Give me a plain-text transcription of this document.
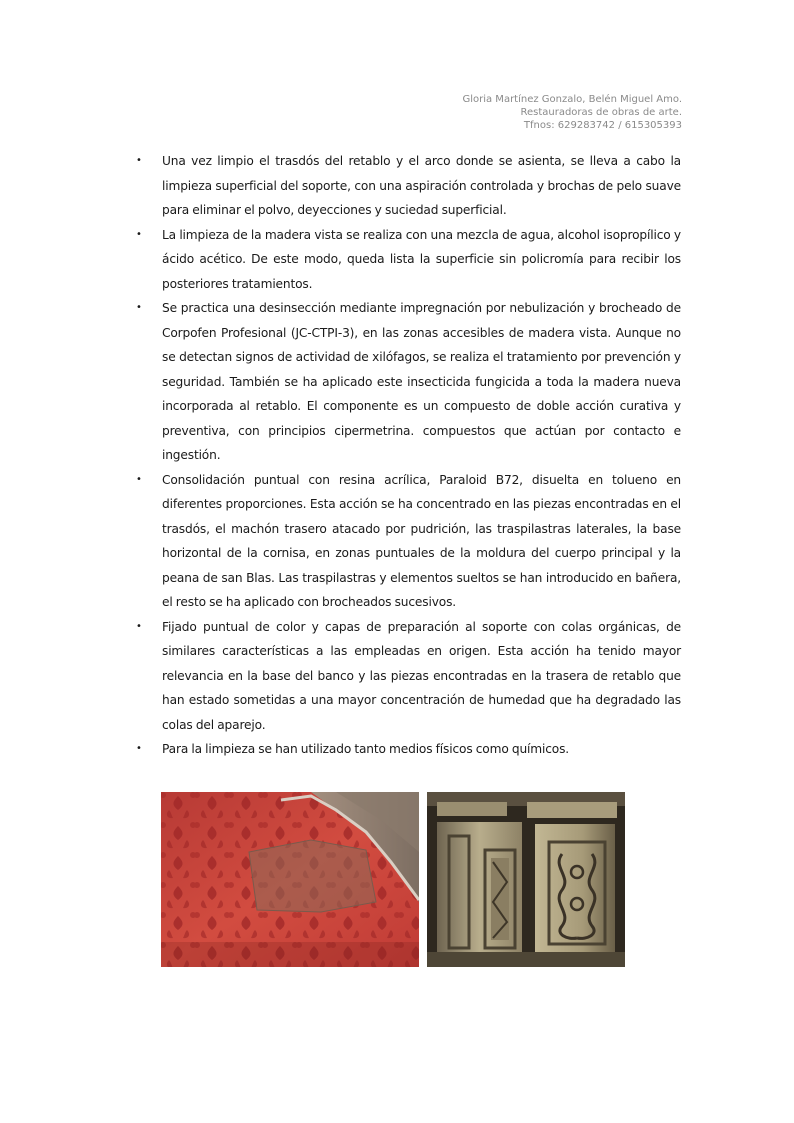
Gloria Martínez Gonzalo, Belén Miguel Amo.
Restauradoras de obras de arte.
Tfnos: 629283742 / 615305393
• Una vez limpio el trasdós del retablo y el arco donde se asienta, se lleva a cabo la limpieza superficial del soporte, con una aspiración controlada y brochas de pelo suave para eliminar el polvo, deyecciones y suciedad superficial.
• La limpieza de la madera vista se realiza con una mezcla de agua, alcohol isopropílico y ácido acético. De este modo, queda lista la superficie sin policromía para recibir los posteriores tratamientos.
• Se practica una desinsección mediante impregnación por nebulización y brocheado de Corpofen Profesional (JC-CTPI-3), en las zonas accesibles de madera vista. Aunque no se detectan signos de actividad de xilófagos, se realiza el tratamiento por prevención y seguridad. También se ha aplicado este insecticida fungicida a toda la madera nueva incorporada al retablo. El componente es un compuesto de doble acción curativa y preventiva, con principios cipermetrina. compuestos que actúan por contacto e ingestión.
• Consolidación puntual con resina acrílica, Paraloid B72, disuelta en tolueno en diferentes proporciones. Esta acción se ha concentrado en las piezas encontradas en el trasdós, el machón trasero atacado por pudrición, las traspilastras laterales, la base horizontal de la cornisa, en zonas puntuales de la moldura del cuerpo principal y la peana de san Blas. Las traspilastras y elementos sueltos se han introducido en bañera, el resto se ha aplicado con brocheados sucesivos.
• Fijado puntual de color y capas de preparación al soporte con colas orgánicas, de similares características a las empleadas en origen. Esta acción ha tenido mayor relevancia en la base del banco y las piezas encontradas en la trasera de retablo que han estado sometidas a una mayor concentración de humedad que ha degradado las colas del aparejo.
• Para la limpieza se han utilizado tanto medios físicos como químicos.
